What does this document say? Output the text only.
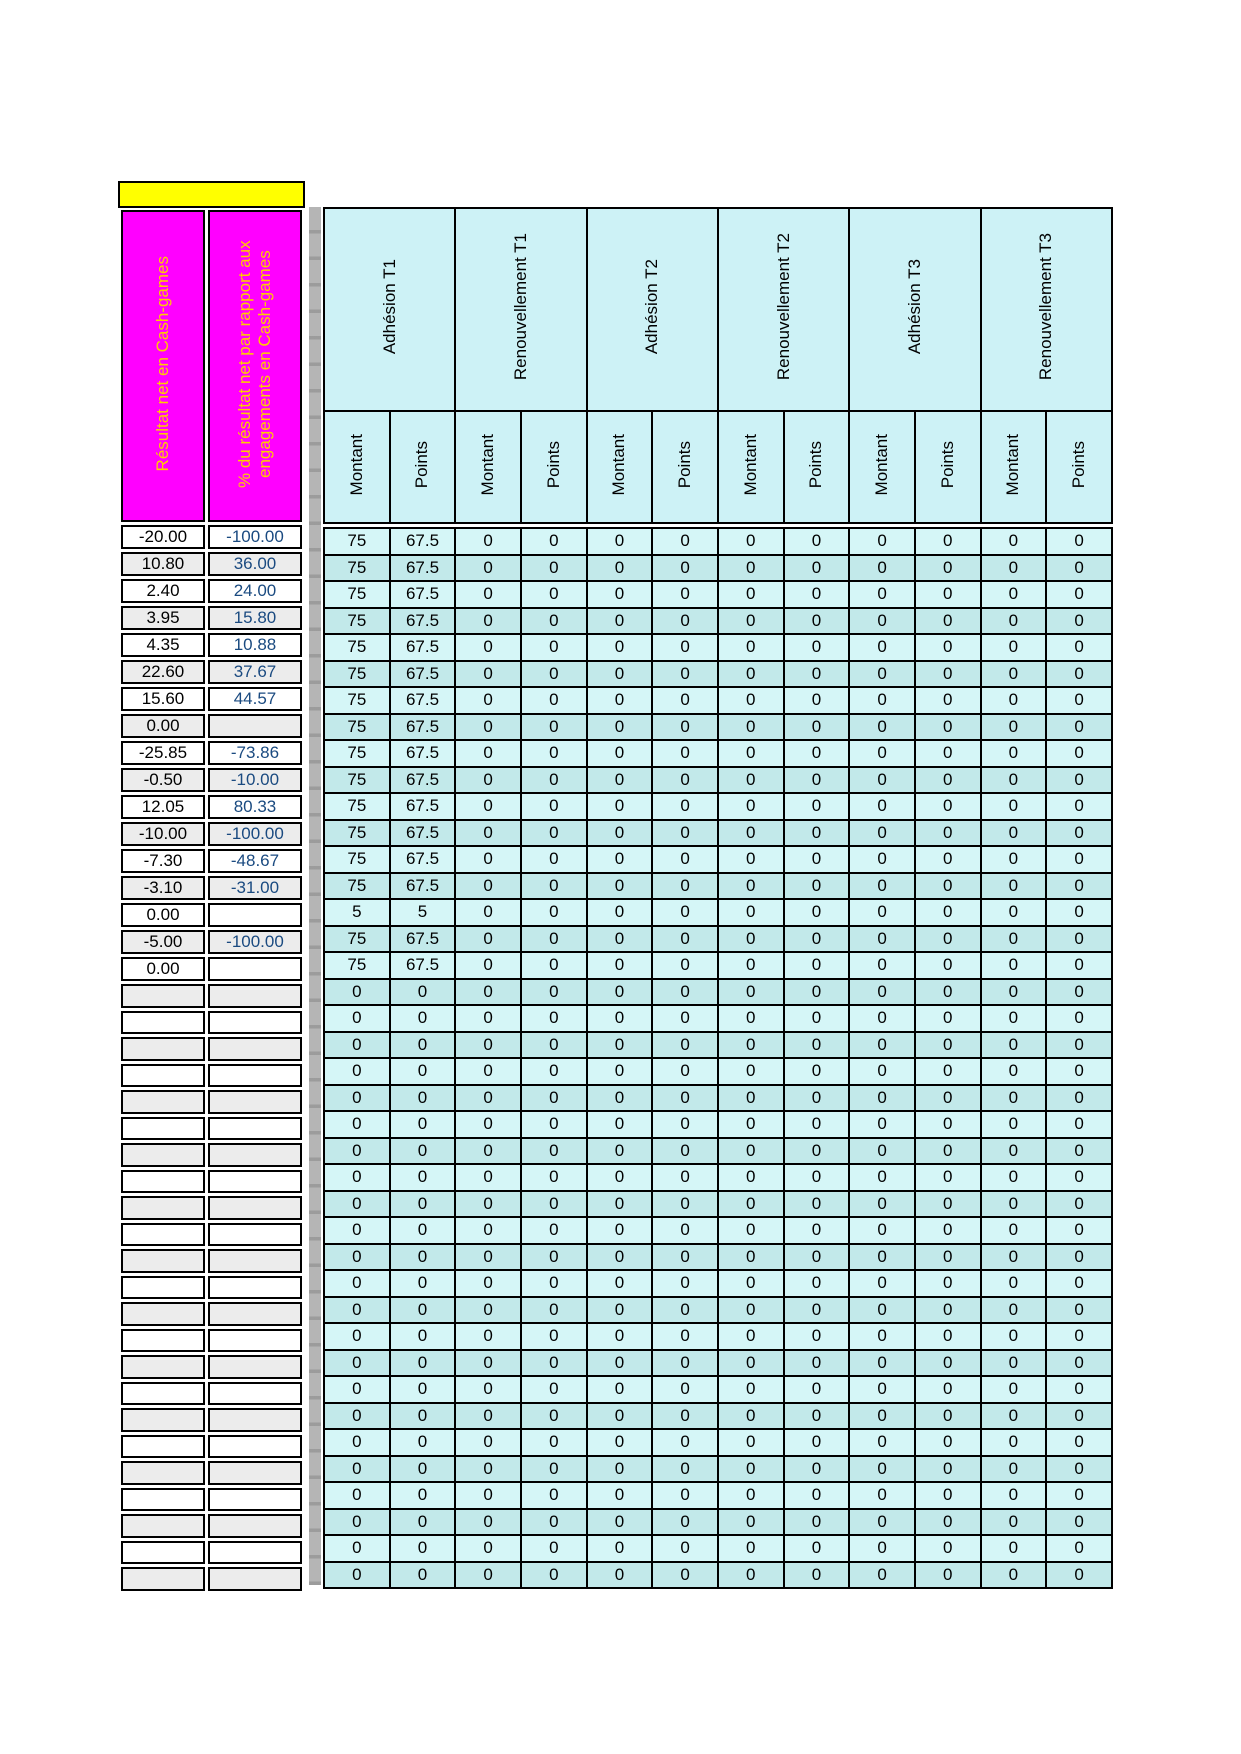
Résultat net en Cash-games	% du résultat net par rapport aux engagements en Cash-games
-20.00	-100.00
10.80	36.00
2.40	24.00
3.95	15.80
4.35	10.88
22.60	37.67
15.60	44.57
0.00	
-25.85	-73.86
-0.50	-10.00
12.05	80.33
-10.00	-100.00
-7.30	-48.67
-3.10	-31.00
0.00	
-5.00	-100.00
0.00	

Adhésion T1		Renouvellement T1		Adhésion T2		Renouvellement T2		Adhésion T3		Renouvellement T3	
Montant	Points	Montant	Points	Montant	Points	Montant	Points	Montant	Points	Montant	Points
75	67.5	0	0	0	0	0	0	0	0	0	0
75	67.5	0	0	0	0	0	0	0	0	0	0
75	67.5	0	0	0	0	0	0	0	0	0	0
75	67.5	0	0	0	0	0	0	0	0	0	0
75	67.5	0	0	0	0	0	0	0	0	0	0
75	67.5	0	0	0	0	0	0	0	0	0	0
75	67.5	0	0	0	0	0	0	0	0	0	0
75	67.5	0	0	0	0	0	0	0	0	0	0
75	67.5	0	0	0	0	0	0	0	0	0	0
75	67.5	0	0	0	0	0	0	0	0	0	0
75	67.5	0	0	0	0	0	0	0	0	0	0
75	67.5	0	0	0	0	0	0	0	0	0	0
75	67.5	0	0	0	0	0	0	0	0	0	0
75	67.5	0	0	0	0	0	0	0	0	0	0
5	5	0	0	0	0	0	0	0	0	0	0
75	67.5	0	0	0	0	0	0	0	0	0	0
75	67.5	0	0	0	0	0	0	0	0	0	0
0	0	0	0	0	0	0	0	0	0	0	0
0	0	0	0	0	0	0	0	0	0	0	0
0	0	0	0	0	0	0	0	0	0	0	0
0	0	0	0	0	0	0	0	0	0	0	0
0	0	0	0	0	0	0	0	0	0	0	0
0	0	0	0	0	0	0	0	0	0	0	0
0	0	0	0	0	0	0	0	0	0	0	0
0	0	0	0	0	0	0	0	0	0	0	0
0	0	0	0	0	0	0	0	0	0	0	0
0	0	0	0	0	0	0	0	0	0	0	0
0	0	0	0	0	0	0	0	0	0	0	0
0	0	0	0	0	0	0	0	0	0	0	0
0	0	0	0	0	0	0	0	0	0	0	0
0	0	0	0	0	0	0	0	0	0	0	0
0	0	0	0	0	0	0	0	0	0	0	0
0	0	0	0	0	0	0	0	0	0	0	0
0	0	0	0	0	0	0	0	0	0	0	0
0	0	0	0	0	0	0	0	0	0	0	0
0	0	0	0	0	0	0	0	0	0	0	0
0	0	0	0	0	0	0	0	0	0	0	0
0	0	0	0	0	0	0	0	0	0	0	0
0	0	0	0	0	0	0	0	0	0	0	0
0	0	0	0	0	0	0	0	0	0	0	0
